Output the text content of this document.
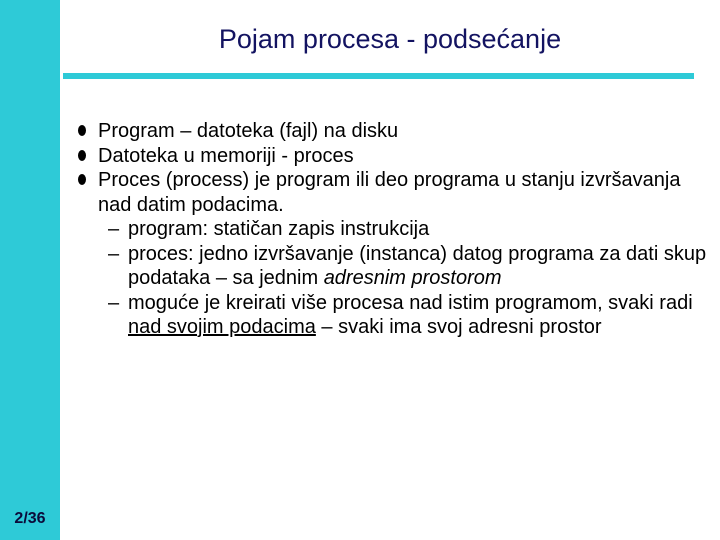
2/36
Pojam procesa - podsećanje
Program – datoteka (fajl) na disku
Datoteka u memoriji - proces
Proces (process) je program ili deo programa u stanju izvršavanja nad datim podacima.
– program: statičan zapis instrukcija
– proces: jedno izvršavanje (instanca) datog programa za dati skup podataka – sa jednim adresnim prostorom
– moguće je kreirati više procesa nad istim programom, svaki radi nad svojim podacima – svaki ima svoj adresni prostor
